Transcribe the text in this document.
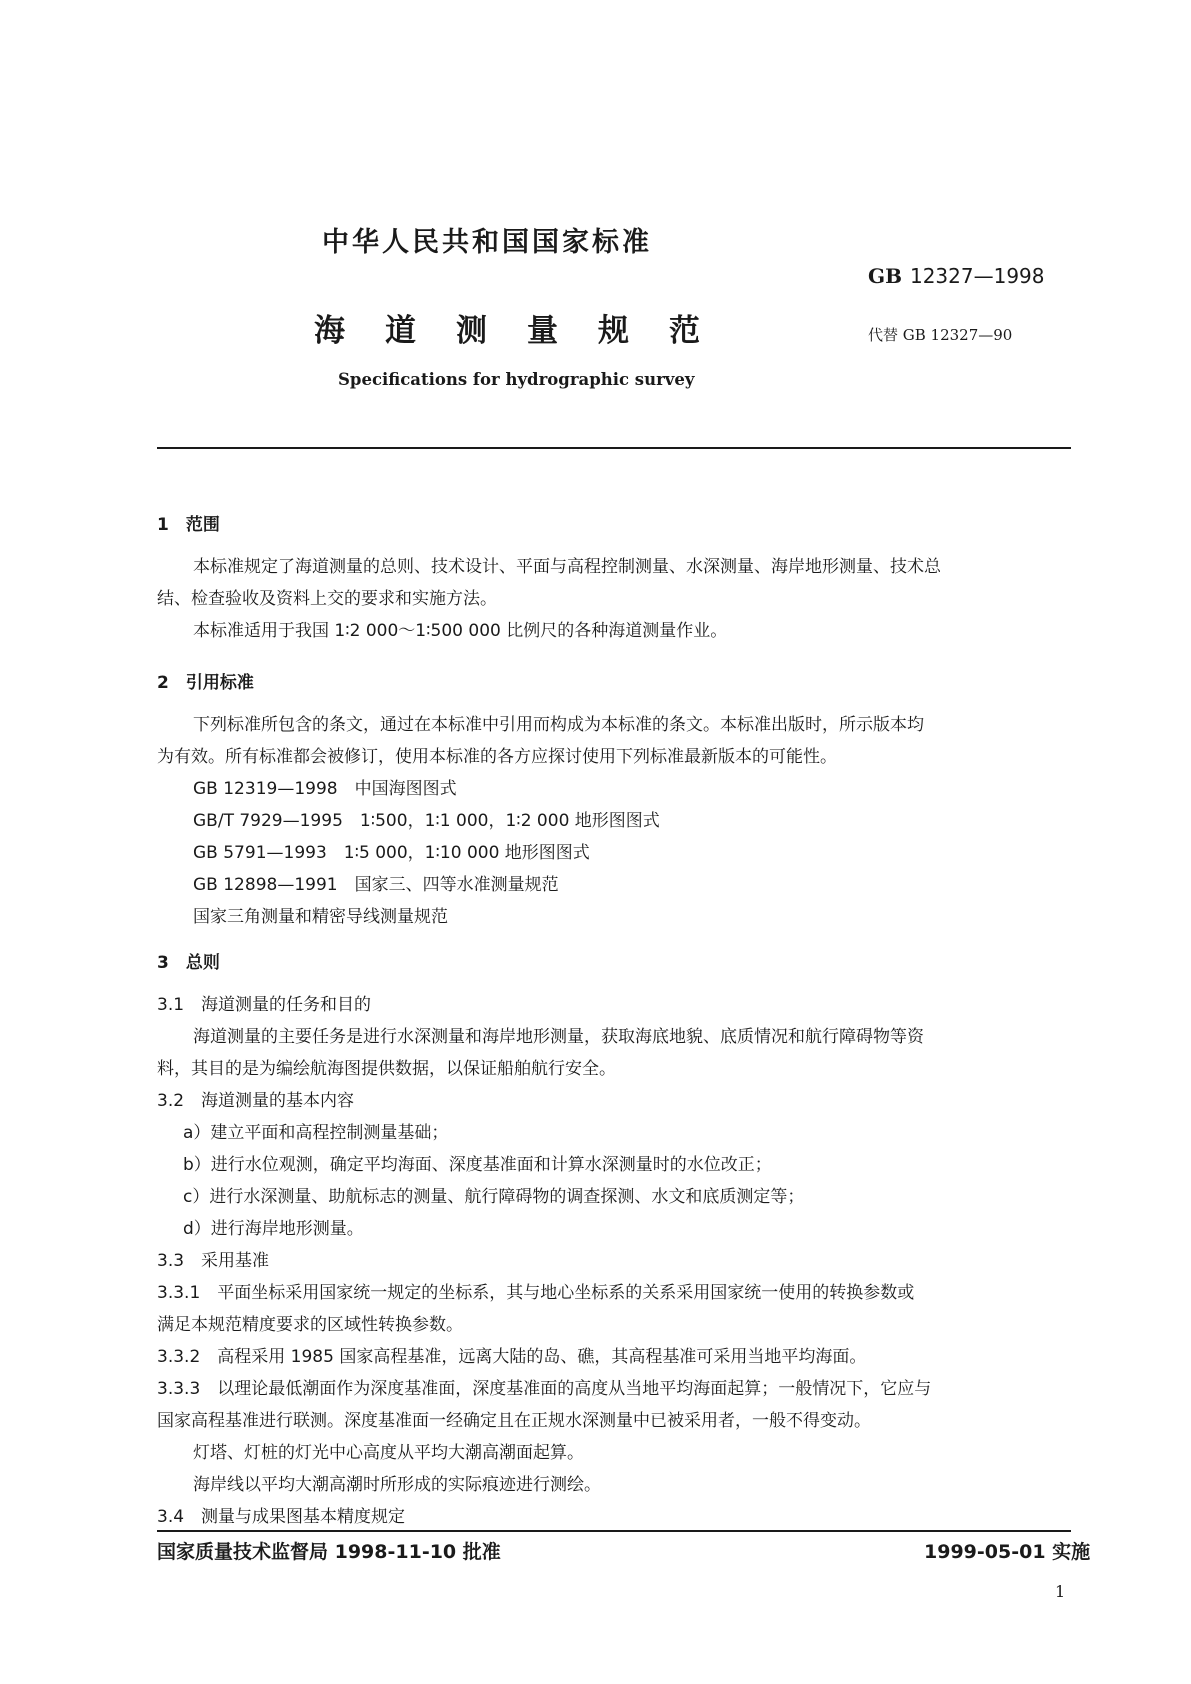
中华人民共和国国家标准
GB 12327—1998
海 道 测 量 规 范	代替 GB 12327—90
Specifications for hydrographic survey
1　范围
本标准规定了海道测量的总则、技术设计、平面与高程控制测量、水深测量、海岸地形测量、技术总
结、检查验收及资料上交的要求和实施方法。
本标准适用于我国 1∶2 000～1∶500 000 比例尺的各种海道测量作业。
2　引用标准
下列标准所包含的条文，通过在本标准中引用而构成为本标准的条文。本标准出版时，所示版本均
为有效。所有标准都会被修订，使用本标准的各方应探讨使用下列标准最新版本的可能性。
GB 12319—1998　中国海图图式
GB/T 7929—1995　1∶500，1∶1 000，1∶2 000 地形图图式
GB 5791—1993　1∶5 000，1∶10 000 地形图图式
GB 12898—1991　国家三、四等水准测量规范
国家三角测量和精密导线测量规范
3　总则
3.1　海道测量的任务和目的
海道测量的主要任务是进行水深测量和海岸地形测量，获取海底地貌、底质情况和航行障碍物等资
料，其目的是为编绘航海图提供数据，以保证船舶航行安全。
3.2　海道测量的基本内容
a）建立平面和高程控制测量基础；
b）进行水位观测，确定平均海面、深度基准面和计算水深测量时的水位改正；
c）进行水深测量、助航标志的测量、航行障碍物的调查探测、水文和底质测定等；
d）进行海岸地形测量。
3.3　采用基准
3.3.1　平面坐标采用国家统一规定的坐标系，其与地心坐标系的关系采用国家统一使用的转换参数或
满足本规范精度要求的区域性转换参数。
3.3.2　高程采用 1985 国家高程基准，远离大陆的岛、礁，其高程基准可采用当地平均海面。
3.3.3　以理论最低潮面作为深度基准面，深度基准面的高度从当地平均海面起算；一般情况下，它应与
国家高程基准进行联测。深度基准面一经确定且在正规水深测量中已被采用者，一般不得变动。
灯塔、灯桩的灯光中心高度从平均大潮高潮面起算。
海岸线以平均大潮高潮时所形成的实际痕迹进行测绘。
3.4　测量与成果图基本精度规定
国家质量技术监督局 1998-11-10 批准	1999-05-01 实施
1
